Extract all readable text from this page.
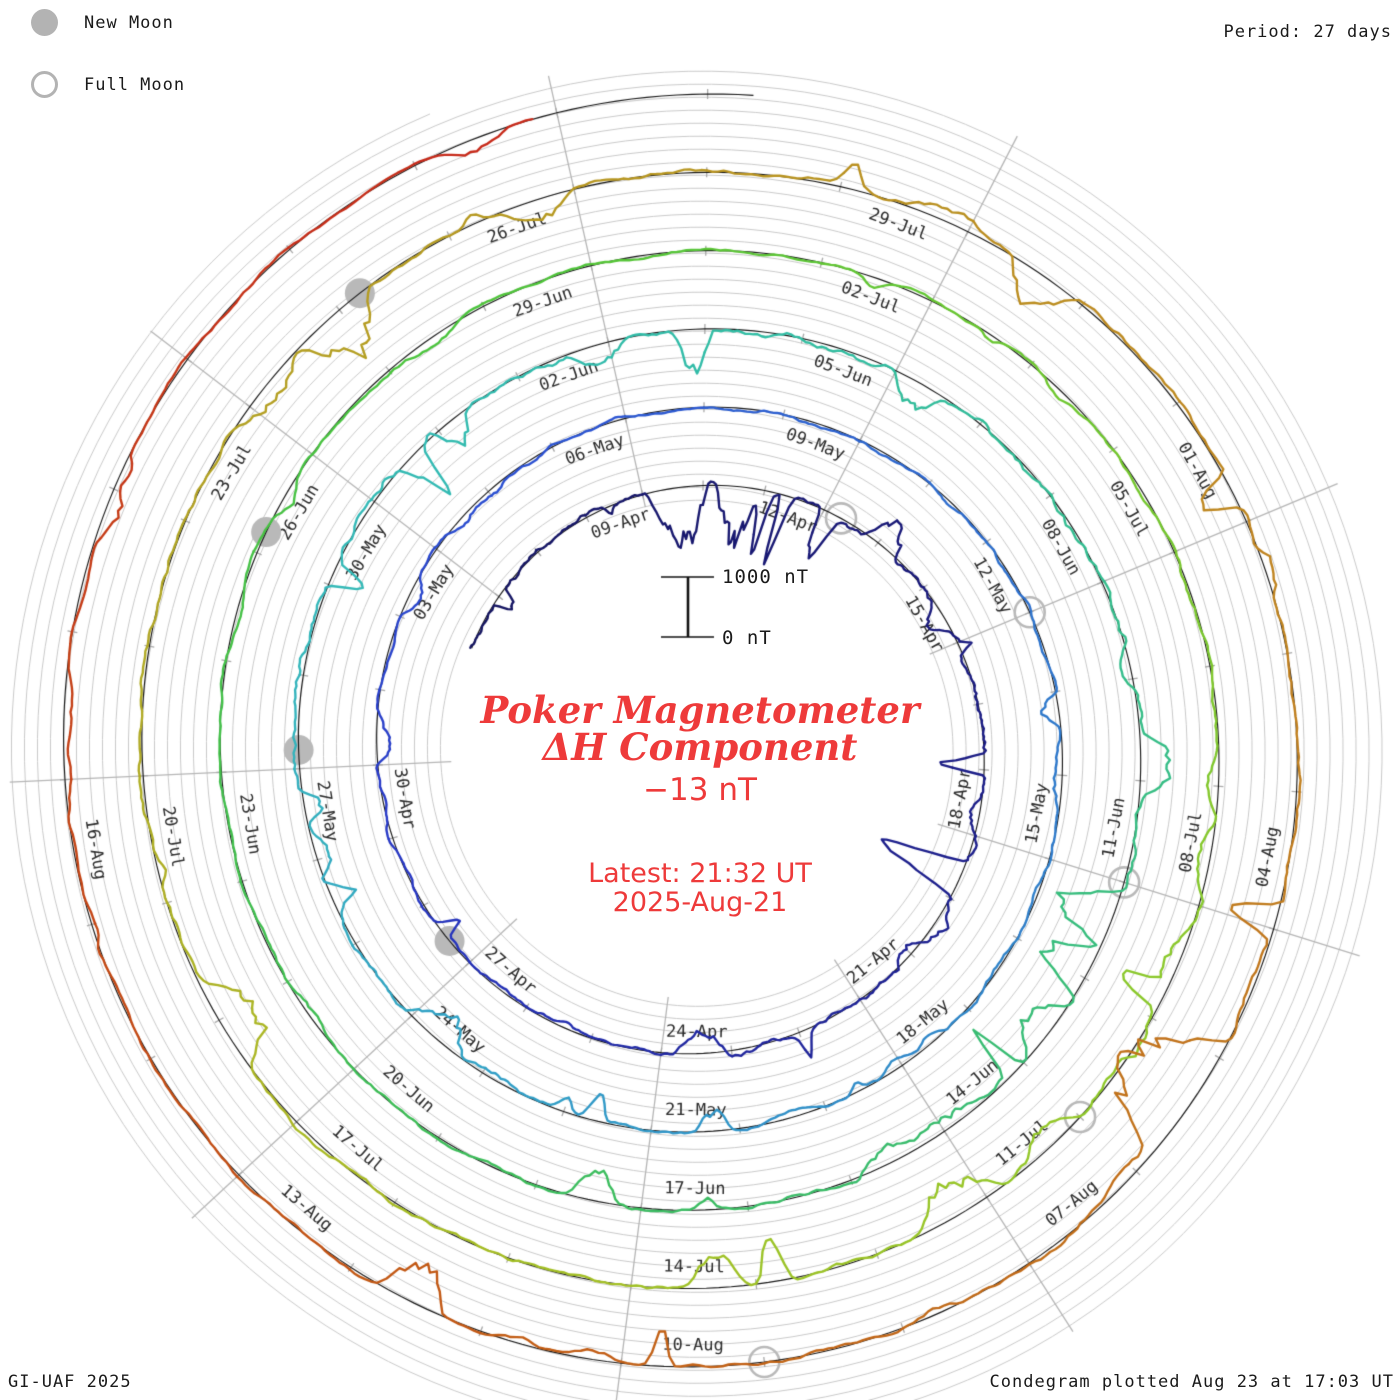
New Moon
Full Moon
Period: 27 days
GI-UAF 2025	Condegram plotted Aug 23 at 17:03 UT
1000 nT
0 nT
Poker Magnetometer
ΔH Component
−13 nT
Latest: 21:32 UT
2025-Aug-21
